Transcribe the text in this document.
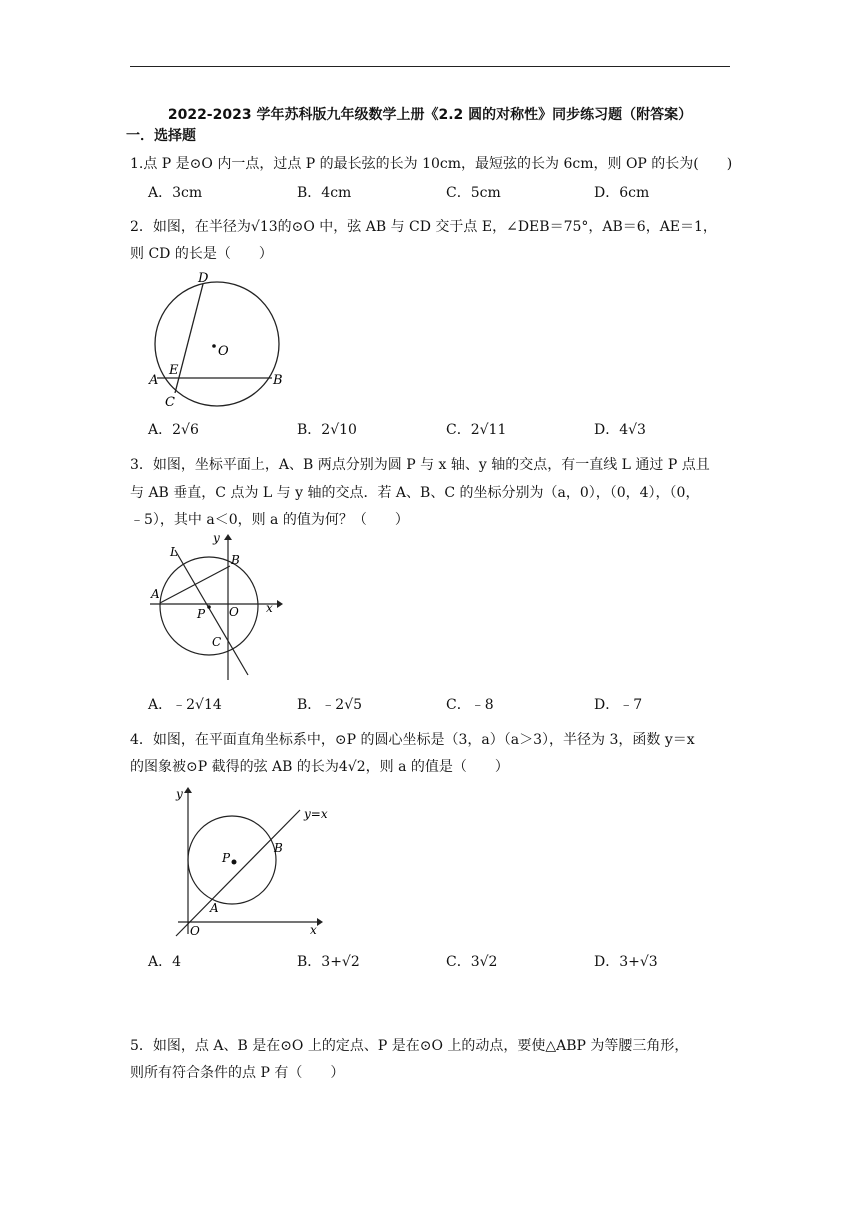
2022-2023 学年苏科版九年级数学上册《2.2 圆的对称性》同步练习题（附答案）
一．选择题
1.点 P 是⊙O 内一点，过点 P 的最长弦的长为 10cm，最短弦的长为 6cm，则 OP 的长为(　　)
A．3cm	B．4cm	C．5cm	D．6cm
2．如图，在半径为√13的⊙O 中，弦 AB 与 CD 交于点 E，∠DEB＝75°，AB＝6，AE＝1，
则 CD 的长是（　　）
D
O
E
A	B
C
A．2√6	B．2√10	C．2√11	D．4√3
3．如图，坐标平面上，A、B 两点分别为圆 P 与 x 轴、y 轴的交点，有一直线 L 通过 P 点且
与 AB 垂直，C 点为 L 与 y 轴的交点．若 A、B、C 的坐标分别为（a，0），（0，4），（0，
﹣5），其中 a＜0，则 a 的值为何？（　　）
L
y
B
A
P O x
C
A．﹣2√14	B．﹣2√5	C．﹣8	D．﹣7
4．如图，在平面直角坐标系中，⊙P 的圆心坐标是（3，a）（a＞3），半径为 3，函数 y＝x
的图象被⊙P 截得的弦 AB 的长为4√2，则 a 的值是（　　）
y
y=x
P
B
A
O	x
A．4	B．3+√2	C．3√2	D．3+√3
5．如图，点 A、B 是在⊙O 上的定点、P 是在⊙O 上的动点，要使△ABP 为等腰三角形，
则所有符合条件的点 P 有（　　）
